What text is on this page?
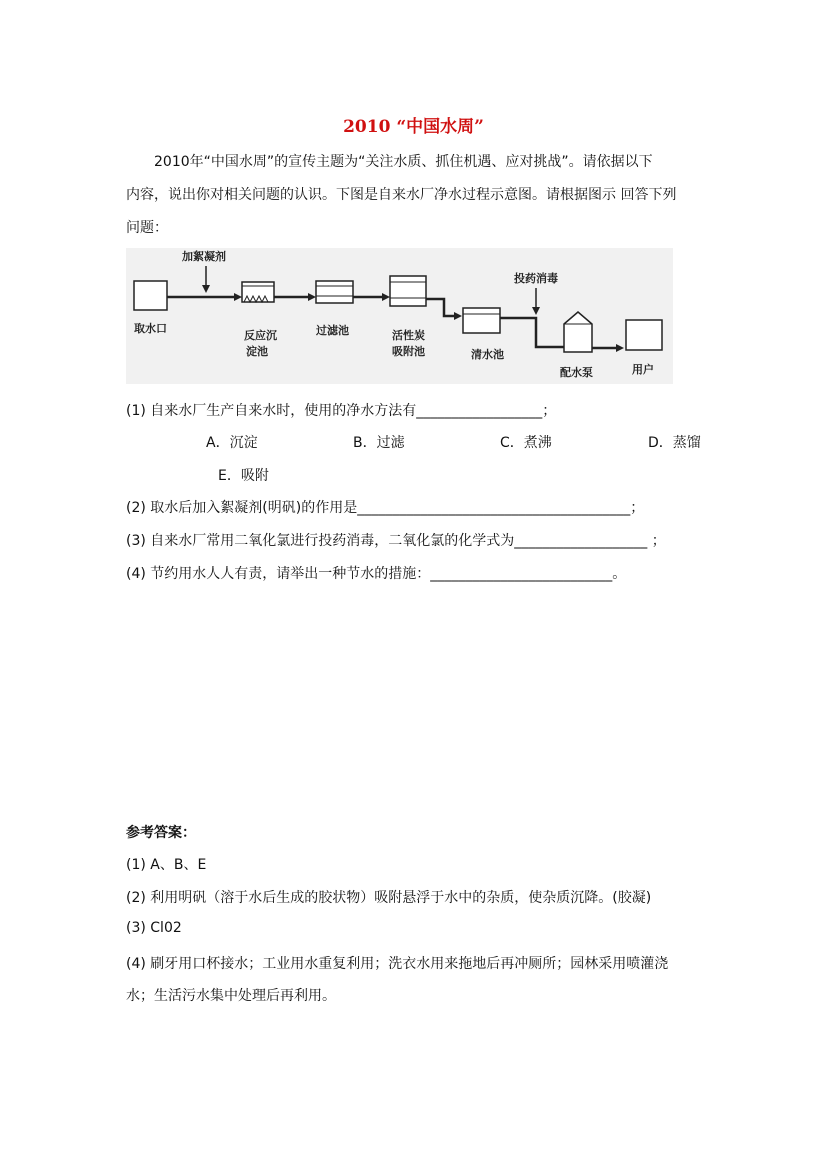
2010 “中国水周”
2010年“中国水周”的宣传主题为“关注水质、抓住机遇、应对挑战”。请依据以下
内容，说出你对相关问题的认识。下图是自来水厂净水过程示意图。请根据图示 回答下列
问题：
加絮凝剂
取水口
反应沉
淀池
过滤池	活性炭
吸附池	清水池
投药消毒
配水泵	用户
(1) 自来水厂生产自来水时，使用的净水方法有__________________；
A．沉淀	B．过滤	C．煮沸	D．蒸馏
E．吸附
(2) 取水后加入絮凝剂(明矾)的作用是_______________________________________；
(3) 自来水厂常用二氧化氯进行投药消毒，二氧化氯的化学式为___________________ ；
(4) 节约用水人人有责，请举出一种节水的措施：__________________________。
参考答案：
(1) A、B、E
(2) 利用明矾（溶于水后生成的胶状物）吸附悬浮于水中的杂质，使杂质沉降。(胶凝)
(3) Cl02
(4) 刷牙用口杯接水；工业用水重复利用；洗衣水用来拖地后再冲厕所；园林采用喷灌浇
水；生活污水集中处理后再利用。
